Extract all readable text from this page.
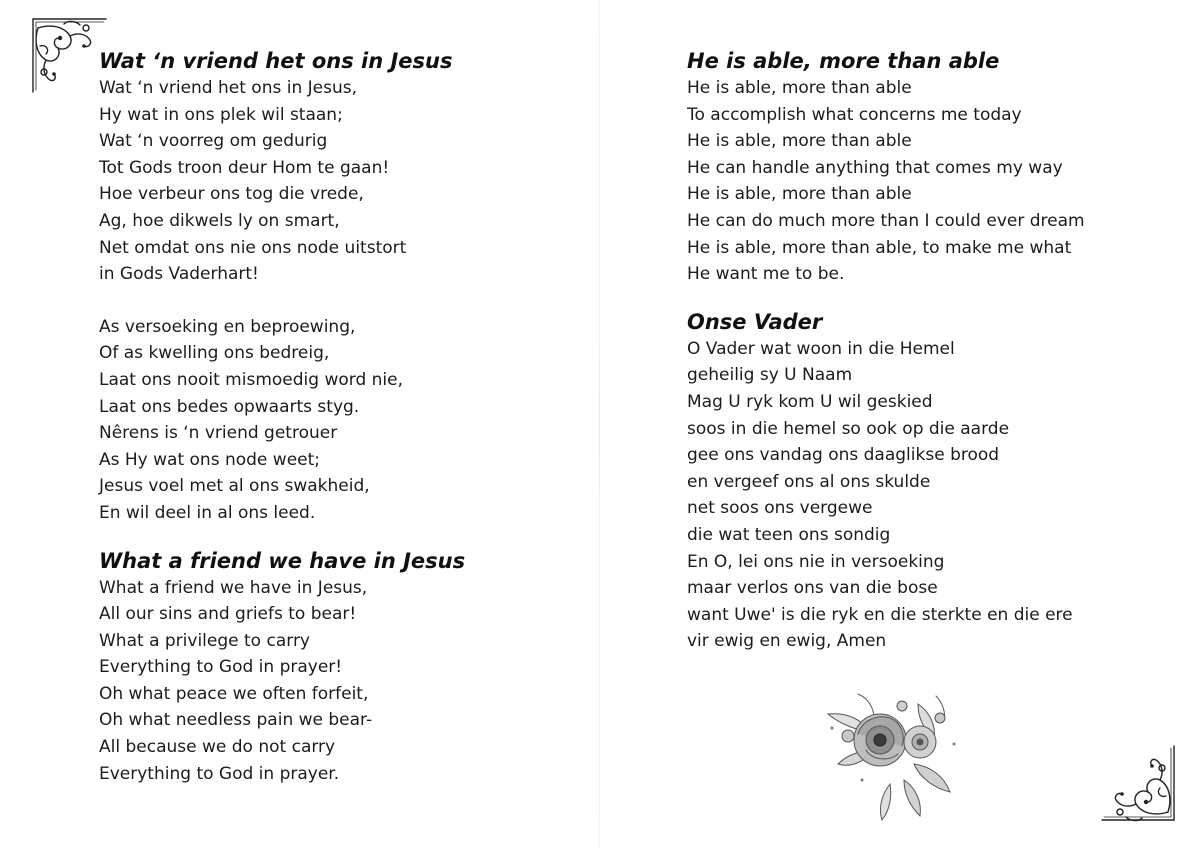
Wat ‘n vriend het ons in Jesus
Wat ‘n vriend het ons in Jesus,
Hy wat in ons plek wil staan;
Wat ‘n voorreg om gedurig
Tot Gods troon deur Hom te gaan!
Hoe verbeur ons tog die vrede,
Ag, hoe dikwels ly on smart,
Net omdat ons nie ons node uitstort
in Gods Vaderhart!
As versoeking en beproewing,
Of as kwelling ons bedreig,
Laat ons nooit mismoedig word nie,
Laat ons bedes opwaarts styg.
Nêrens is ‘n vriend getrouer
As Hy wat ons node weet;
Jesus voel met al ons swakheid,
En wil deel in al ons leed.
What a friend we have in Jesus
What a friend we have in Jesus,
All our sins and griefs to bear!
What a privilege to carry
Everything to God in prayer!
Oh what peace we often forfeit,
Oh what needless pain we bear-
All because we do not carry
Everything to God in prayer.
He is able, more than able
He is able, more than able
To accomplish what concerns me today
He is able, more than able
He can handle anything that comes my way
He is able, more than able
He can do much more than I could ever dream
He is able, more than able, to make me what
He want me to be.
Onse Vader
O Vader wat woon in die Hemel
geheilig sy U Naam
Mag U ryk kom U wil geskied
soos in die hemel so ook op die aarde
gee ons vandag ons daaglikse brood
en vergeef ons al ons skulde
net soos ons vergewe
die wat teen ons sondig
En O, lei ons nie in versoeking
maar verlos ons van die bose
want Uwe' is die ryk en die sterkte en die ere
vir ewig en ewig, Amen
